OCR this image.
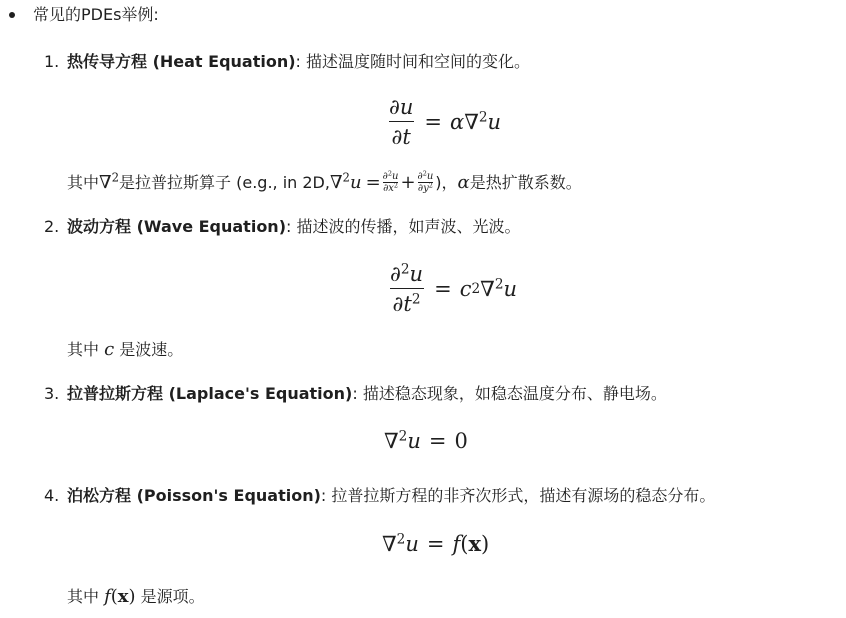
常见的PDEs举例:
1. 热传导方程 (Heat Equation): 描述温度随时间和空间的变化。
$\frac{\partial u}{\partial t} = \alpha$ ∇$^2$ u
其中 ∇$^2$ 是拉普拉斯算子 (e.g., in 2D, $\nabla^2u = \frac{\partial^2u}{\partial x^2} + \frac{\partial^2u}{\partial y^2}$ )， α 是热扩散系数。
2. 波动方程 (Wave Equation): 描述波的传播，如声波、光波。
$\frac{\partial^2u}{\partial t^2} = c$ 2 ∇$^2$ u
其中 c 是波速。
3. 拉普拉斯方程 (Laplace's Equation): 描述稳态现象，如稳态温度分布、静电场。
∇$^2$ u = 0
4. 泊松方程 (Poisson's Equation): 拉普拉斯方程的非齐次形式，描述有源场的稳态分布。
∇$^2$ u = f ( x )
其中 f(x) 是源项。
